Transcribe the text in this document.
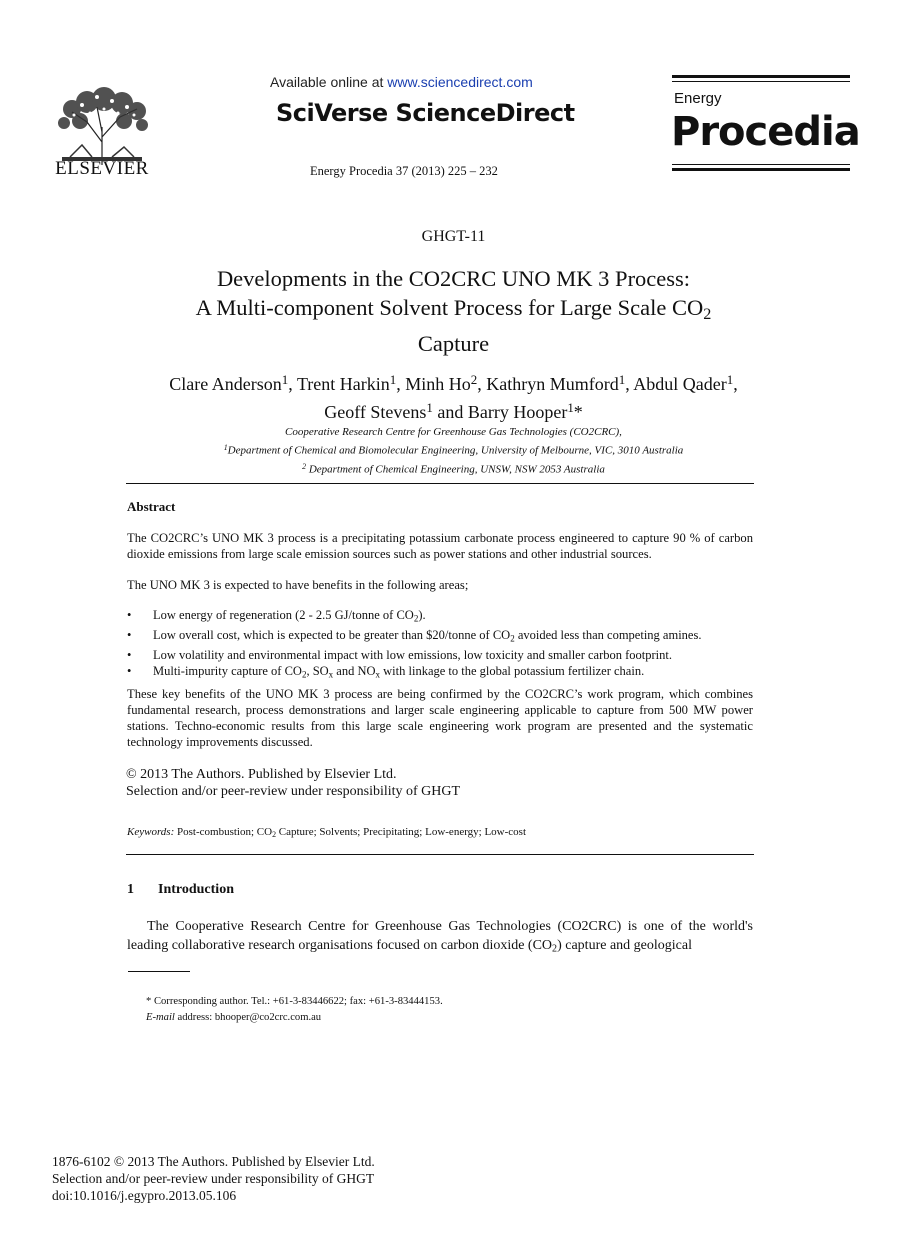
ELSEVIER
Available online at www.sciencedirect.com
SciVerse ScienceDirect
Energy Procedia 37 (2013) 225 – 232
Energy
Procedia
GHGT-11
Developments in the CO2CRC UNO MK 3 Process:
A Multi-component Solvent Process for Large Scale CO2
Capture
Clare Anderson$^1$, Trent Harkin$^1$, Minh Ho$^2$, Kathryn Mumford$^1$, Abdul Qader$^1$,
Geoff Stevens$^1$ and Barry Hooper$^1$*
Cooperative Research Centre for Greenhouse Gas Technologies (CO2CRC),
$^1$Department of Chemical and Biomolecular Engineering, University of Melbourne, VIC, 3010 Australia
$^2$ Department of Chemical Engineering, UNSW, NSW 2053 Australia
Abstract
The CO2CRC’s UNO MK 3 process is a precipitating potassium carbonate process engineered to capture 90 % of carbon dioxide emissions from large scale emission sources such as power stations and other industrial sources.
The UNO MK 3 is expected to have benefits in the following areas;
•	Low energy of regeneration (2 - 2.5 GJ/tonne of CO2).
•	Low overall cost, which is expected to be greater than $20/tonne of CO2 avoided less than competing amines.
•	Low volatility and environmental impact with low emissions, low toxicity and smaller carbon footprint.
•	Multi-impurity capture of CO2, SOx and NOx with linkage to the global potassium fertilizer chain.
These key benefits of the UNO MK 3 process are being confirmed by the CO2CRC’s work program, which combines fundamental research, process demonstrations and larger scale engineering applicable to capture from 500 MW power stations. Techno-economic results from this large scale engineering work program are presented and the systematic technology improvements discussed.
© 2013 The Authors. Published by Elsevier Ltd.
Selection and/or peer-review under responsibility of GHGT
Keywords: Post-combustion; CO2 Capture; Solvents; Precipitating; Low-energy; Low-cost
1 Introduction
The Cooperative Research Centre for Greenhouse Gas Technologies (CO2CRC) is one of the world's leading collaborative research organisations focused on carbon dioxide (CO2) capture and geological
* Corresponding author. Tel.: +61-3-83446622; fax: +61-3-83444153.
E-mail address: bhooper@co2crc.com.au
1876-6102 © 2013 The Authors. Published by Elsevier Ltd.
Selection and/or peer-review under responsibility of GHGT
doi:10.1016/j.egypro.2013.05.106
